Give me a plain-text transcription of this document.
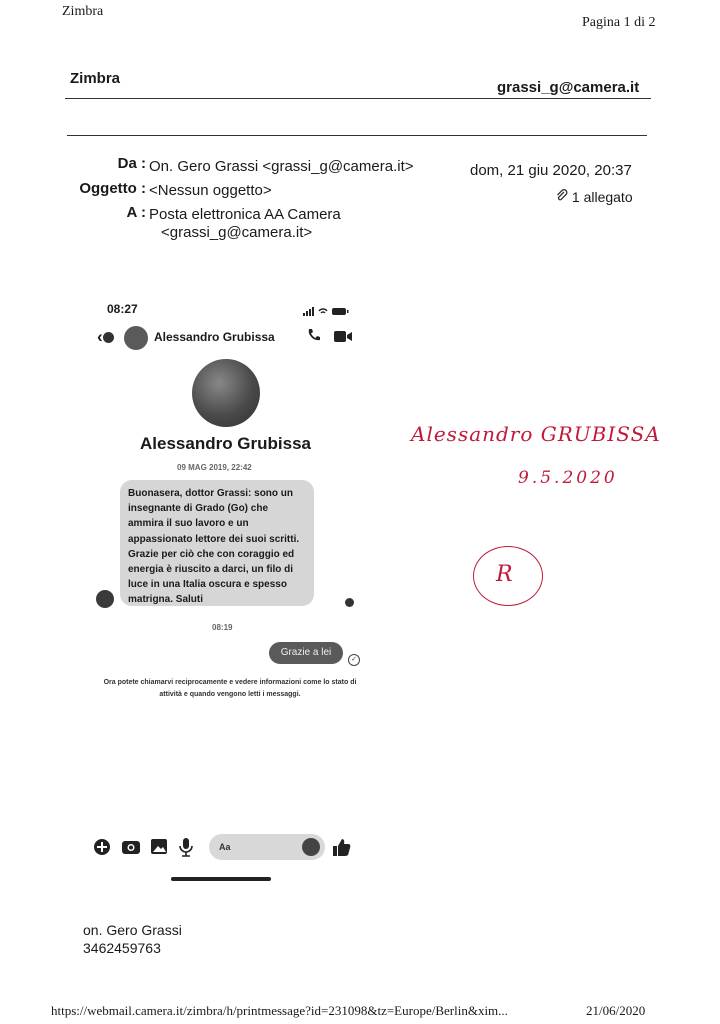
Zimbra
Pagina 1 di 2
Zimbra
grassi_g@camera.it
Da : On. Gero Grassi <grassi_g@camera.it>
Oggetto : <Nessun oggetto>
A : Posta elettronica AA Camera
<grassi_g@camera.it>
dom, 21 giu 2020, 20:37
1 allegato
08:27
‹	Alessandro Grubissa
Alessandro Grubissa
09 MAG 2019, 22:42
Buonasera, dottor Grassi: sono un insegnante di Grado (Go) che ammira il suo lavoro e un appassionato lettore dei suoi scritti. Grazie per ciò che con coraggio ed energia è riuscito a darci, un filo di luce in una Italia oscura e spesso matrigna. Saluti
08:19
Grazie a lei
✓
Ora potete chiamarvi reciprocamente e vedere informazioni come lo stato di attività e quando vengono letti i messaggi.
Aa
Alessandro GRUBISSA
9.5.2020
R
on. Gero Grassi
3462459763
https://webmail.camera.it/zimbra/h/printmessage?id=231098&tz=Europe/Berlin&xim...	21/06/2020
